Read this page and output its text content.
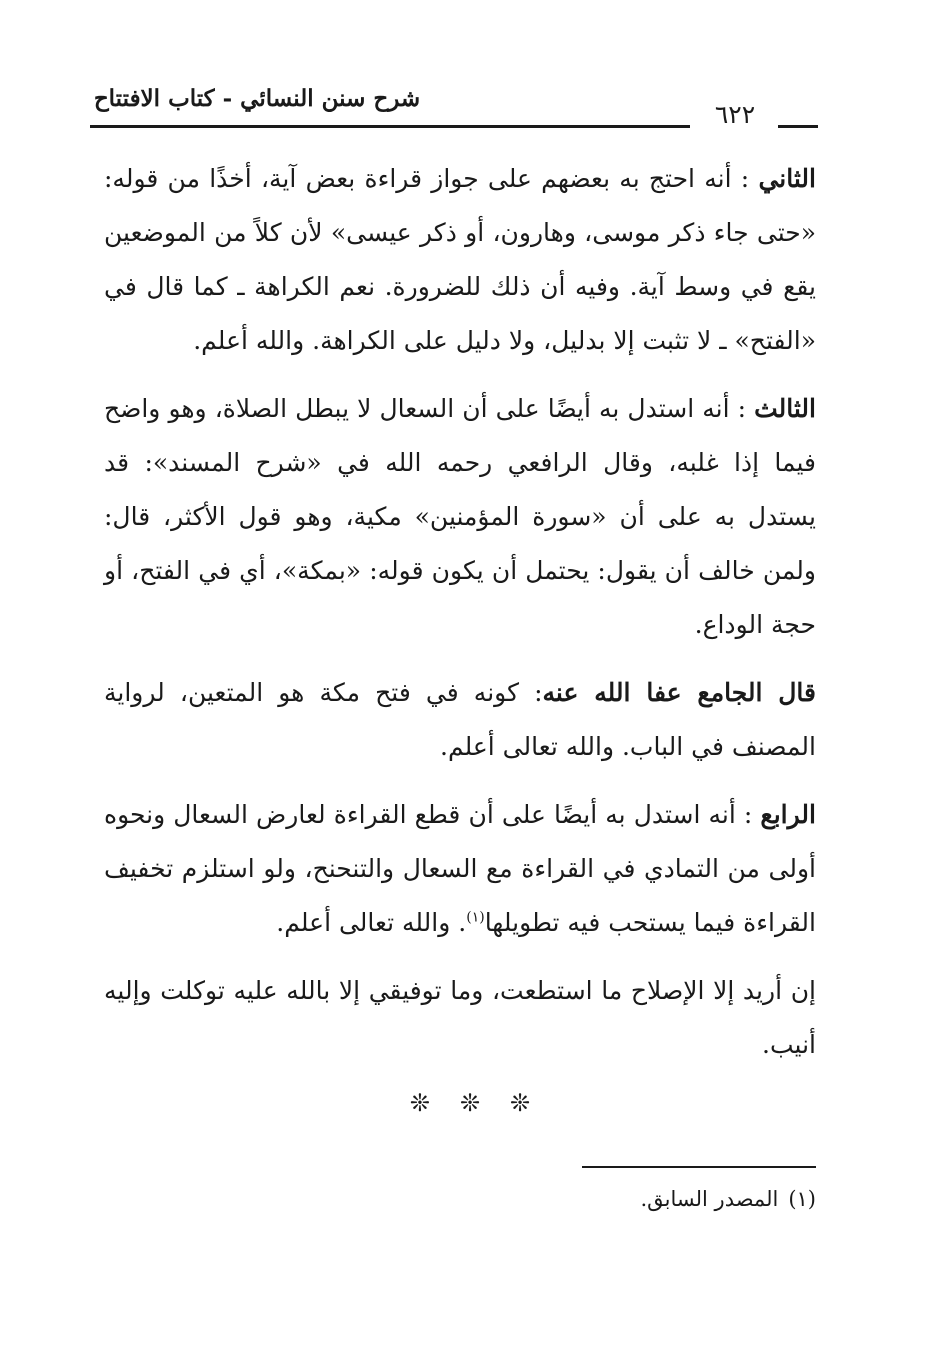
شرح سنن النسائي - كتاب الافتتاح
٦٢٢

الثاني : أنه احتج به بعضهم على جواز قراءة بعض آية، أخذًا من قوله: «حتى جاء ذكر موسى، وهارون، أو ذكر عيسى» لأن كلاً من الموضعين يقع في وسط آية. وفيه أن ذلك للضرورة. نعم الكراهة ـ كما قال في «الفتح» ـ لا تثبت إلا بدليل، ولا دليل على الكراهة. والله أعلم.

الثالث : أنه استدل به أيضًا على أن السعال لا يبطل الصلاة، وهو واضح فيما إذا غلبه، وقال الرافعي رحمه الله في «شرح المسند»: قد يستدل به على أن «سورة المؤمنين» مكية، وهو قول الأكثر، قال: ولمن خالف أن يقول: يحتمل أن يكون قوله: «بمكة»، أي في الفتح، أو حجة الوداع.

قال الجامع عفا الله عنه: كونه في فتح مكة هو المتعين، لرواية المصنف في الباب. والله تعالى أعلم.

الرابع : أنه استدل به أيضًا على أن قطع القراءة لعارض السعال ونحوه أولى من التمادي في القراءة مع السعال والتنحنح، ولو استلزم تخفيف القراءة فيما يستحب فيه تطويلها$^{(١)}$. والله تعالى أعلم.

إن أريد إلا الإصلاح ما استطعت، وما توفيقي إلا بالله عليه توكلت وإليه أنيب.

❊ ❊ ❊
(١)المصدر السابق.
